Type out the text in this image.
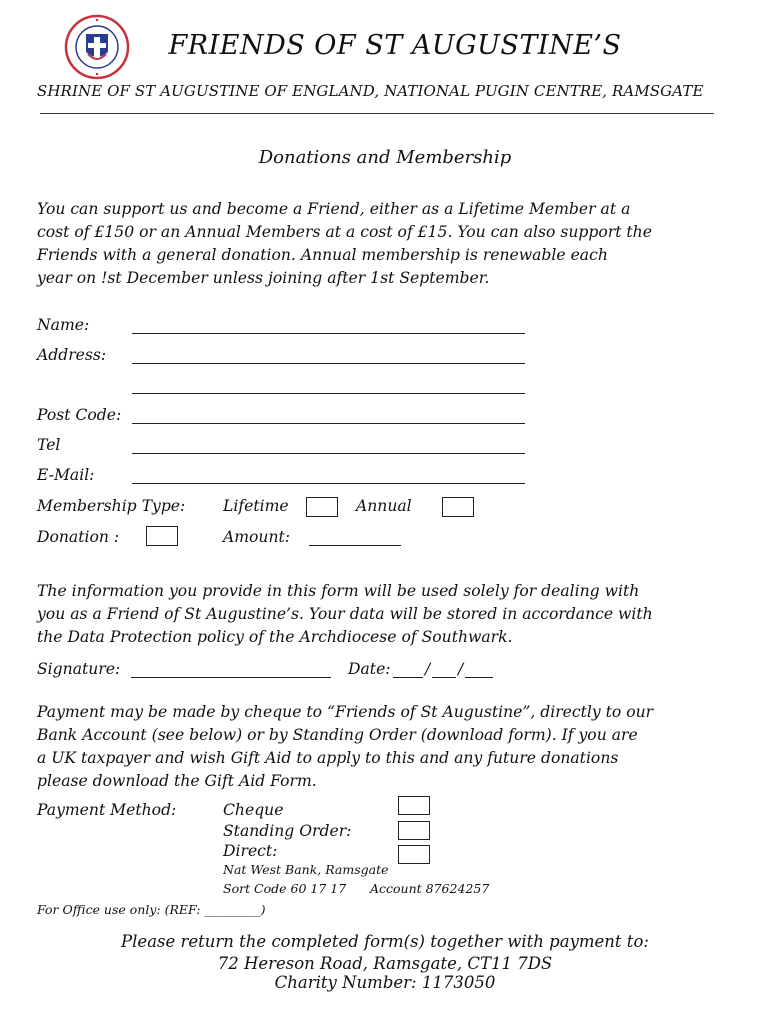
FRIENDS OF ST AUGUSTINE’S
SHRINE OF ST AUGUSTINE OF ENGLAND, NATIONAL PUGIN CENTRE, RAMSGATE
Donations and Membership
You can support us and become a Friend, either as a Lifetime Member at a
cost of £150 or an Annual Members at a cost of £15. You can also support the
Friends with a general donation. Annual membership is renewable each
year on !st December unless joining after 1st September.
Name:
Address:
Post Code:
Tel
E-Mail:
Membership Type: Lifetime	Annual
Donation :	Amount:
The information you provide in this form will be used solely for dealing with
you as a Friend of St Augustine’s. Your data will be stored in accordance with
the Data Protection policy of the Archdiocese of Southwark.
Signature:	Date: / /
Payment may be made by cheque to “Friends of St Augustine”, directly to our
Bank Account (see below) or by Standing Order (download form). If you are
a UK taxpayer and wish Gift Aid to apply to this and any future donations
please download the Gift Aid Form.
Payment Method:	Cheque
Standing Order:
Direct:
Nat West Bank, Ramsgate
Sort Code 60 17 17 Account 87624257
For Office use only: (REF: _________)
Please return the completed form(s) together with payment to:
72 Hereson Road, Ramsgate, CT11 7DS
Charity Number: 1173050
